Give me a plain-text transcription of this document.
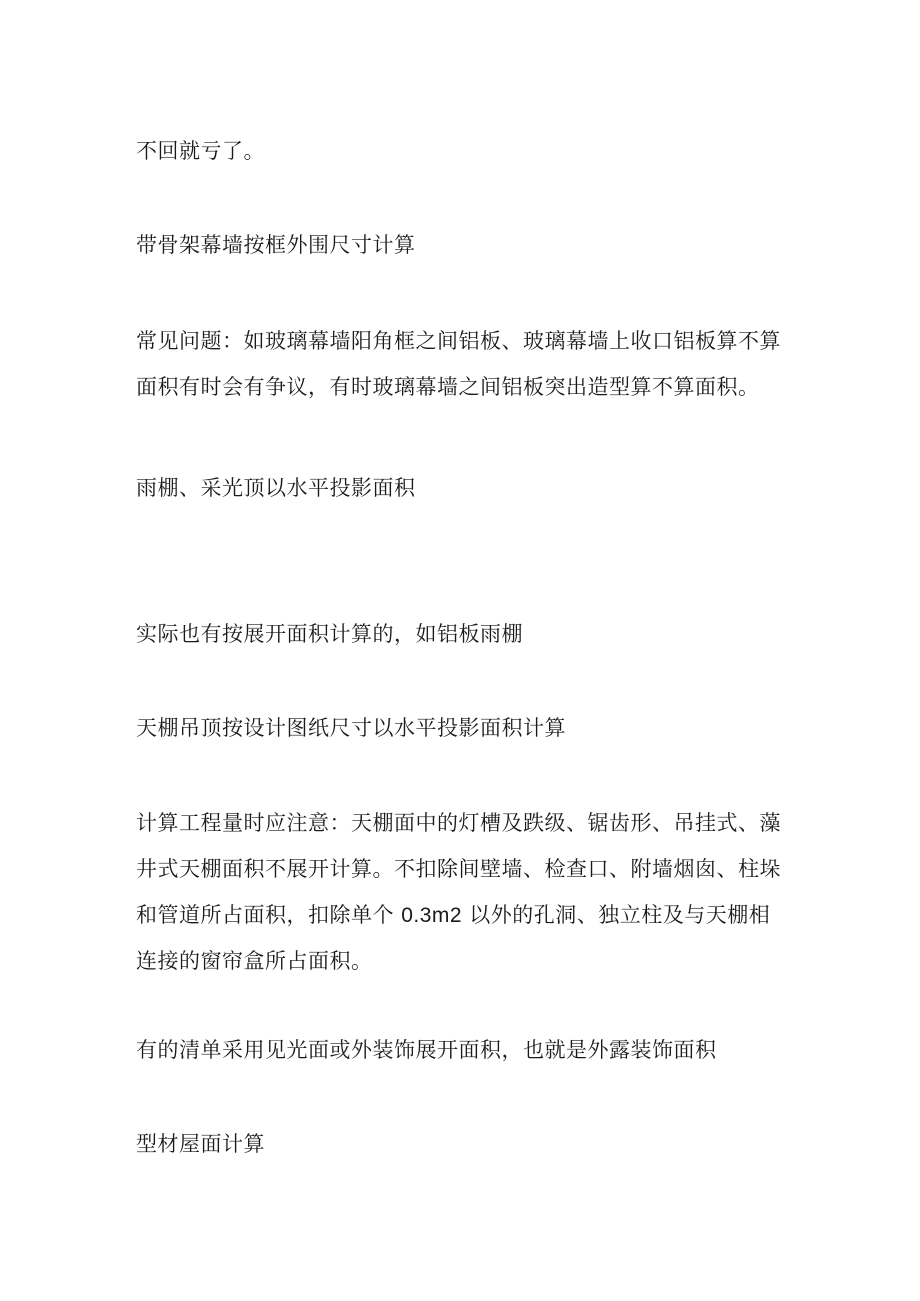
不回就亏了。

带骨架幕墙按框外围尺寸计算

常见问题：如玻璃幕墙阳角框之间铝板、玻璃幕墙上收口铝板算不算
面积有时会有争议，有时玻璃幕墙之间铝板突出造型算不算面积。

雨棚、采光顶以水平投影面积

实际也有按展开面积计算的，如铝板雨棚

天棚吊顶按设计图纸尺寸以水平投影面积计算

计算工程量时应注意：天棚面中的灯槽及跌级、锯齿形、吊挂式、藻
井式天棚面积不展开计算。不扣除间壁墙、检查口、附墙烟囱、柱垛
和管道所占面积，扣除单个 0.3m2 以外的孔洞、独立柱及与天棚相
连接的窗帘盒所占面积。

有的清单采用见光面或外装饰展开面积，也就是外露装饰面积

型材屋面计算
